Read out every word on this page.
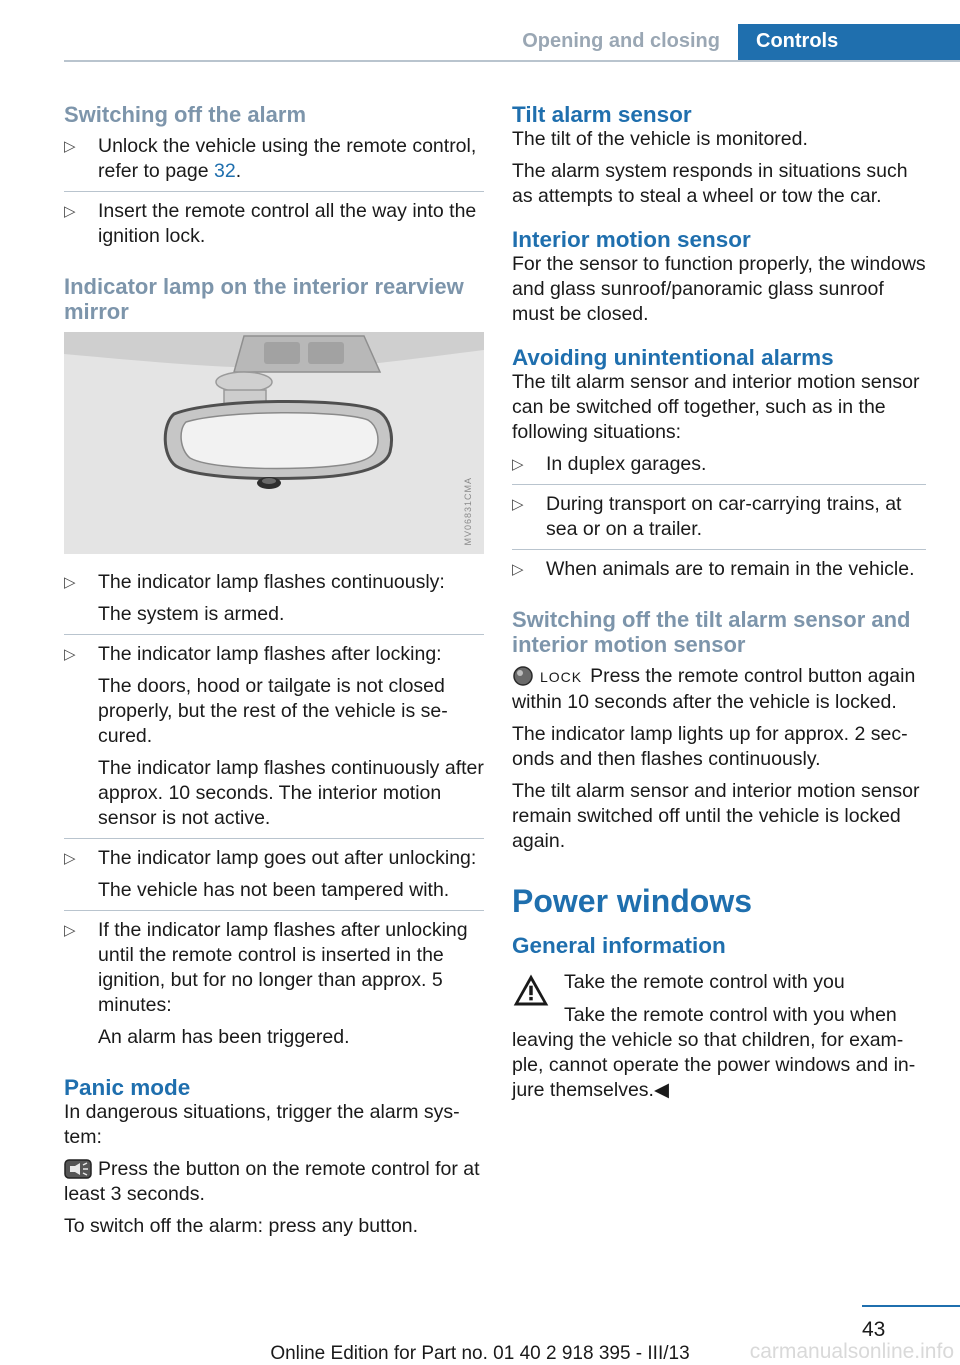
Opening and closing	Controls
Switching off the alarm
▷ Unlock the vehicle using the remote control, refer to page 32.
▷ Insert the remote control all the way into the ignition lock.
Indicator lamp on the interior rearview mirror
MV06831CMA
▷ The indicator lamp flashes continuously:

The system is armed.

▷ The indicator lamp flashes after locking:

The doors, hood or tailgate is not closed properly, but the rest of the vehicle is secured.

The indicator lamp flashes continuously after approx. 10 seconds. The interior motion sensor is not active.

▷ The indicator lamp goes out after unlocking:

The vehicle has not been tampered with.

▷ If the indicator lamp flashes after unlocking until the remote control is inserted in the ignition, but for no longer than approx. 5 minutes:

An alarm has been triggered.

Panic mode

In dangerous situations, trigger the alarm system:

Press the button on the remote control for at least 3 seconds.

To switch off the alarm: press any button.

Tilt alarm sensor

The tilt of the vehicle is monitored.

The alarm system responds in situations such as attempts to steal a wheel or tow the car.

Interior motion sensor

For the sensor to function properly, the windows and glass sunroof/panoramic glass sunroof must be closed.

Avoiding unintentional alarms

The tilt alarm sensor and interior motion sensor can be switched off together, such as in the following situations:

▷ In duplex garages.
▷ During transport on car-carrying trains, at sea or on a trailer.
▷ When animals are to remain in the vehicle.
Switching off the tilt alarm sensor and interior motion sensor

LOCK Press the remote control button again within 10 seconds after the vehicle is locked.

The indicator lamp lights up for approx. 2 seconds and then flashes continuously.

The tilt alarm sensor and interior motion sensor remain switched off until the vehicle is locked again.

Power windows
General information
Take the remote control with you

Take the remote control with you when leaving the vehicle so that children, for example, cannot operate the power windows and injure themselves.◀

43
Online Edition for Part no. 01 40 2 918 395 - III/13	carmanualsonline.info
